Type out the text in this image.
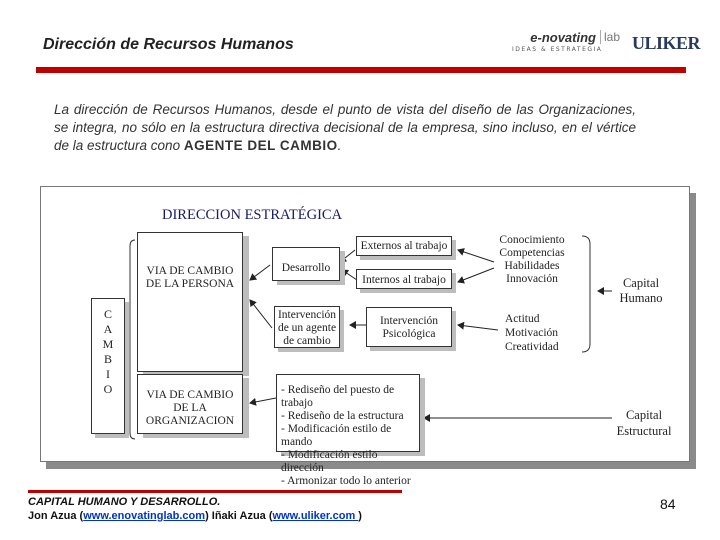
Dirección de Recursos Humanos	e-novating lab
IDEAS & ESTRATEGIA ULIKER
La dirección de Recursos Humanos, desde el punto de vista del diseño de las Organizaciones, se integra, no sólo en la estructura directiva decisional de la empresa, sino incluso, en el vértice de la estructura cono AGENTE DEL CAMBIO.
DIRECCION ESTRATÉGICA
C
A
M
B
I
O
VIA DE CAMBIO DE LA PERSONA
VIA DE CAMBIO DE LA ORGANIZACION
Desarrollo
Externos al trabajo
Internos al trabajo
Intervención de un agente de cambio
Intervención Psicológica
- Rediseño del puesto de trabajo
- Rediseño de la estructura
- Modificación estilo de mando
- Modificación estilo dirección
- Armonizar todo lo anterior
Conocimiento
Competencias
Habilidades
Innovación
Actitud
Motivación
Creatividad
Capital
Humano
Capital
Estructural
CAPITAL HUMANO Y DESARROLLO.
Jon Azua (www.enovatinglab.com) Iñaki Azua (www.uliker.com )
84
